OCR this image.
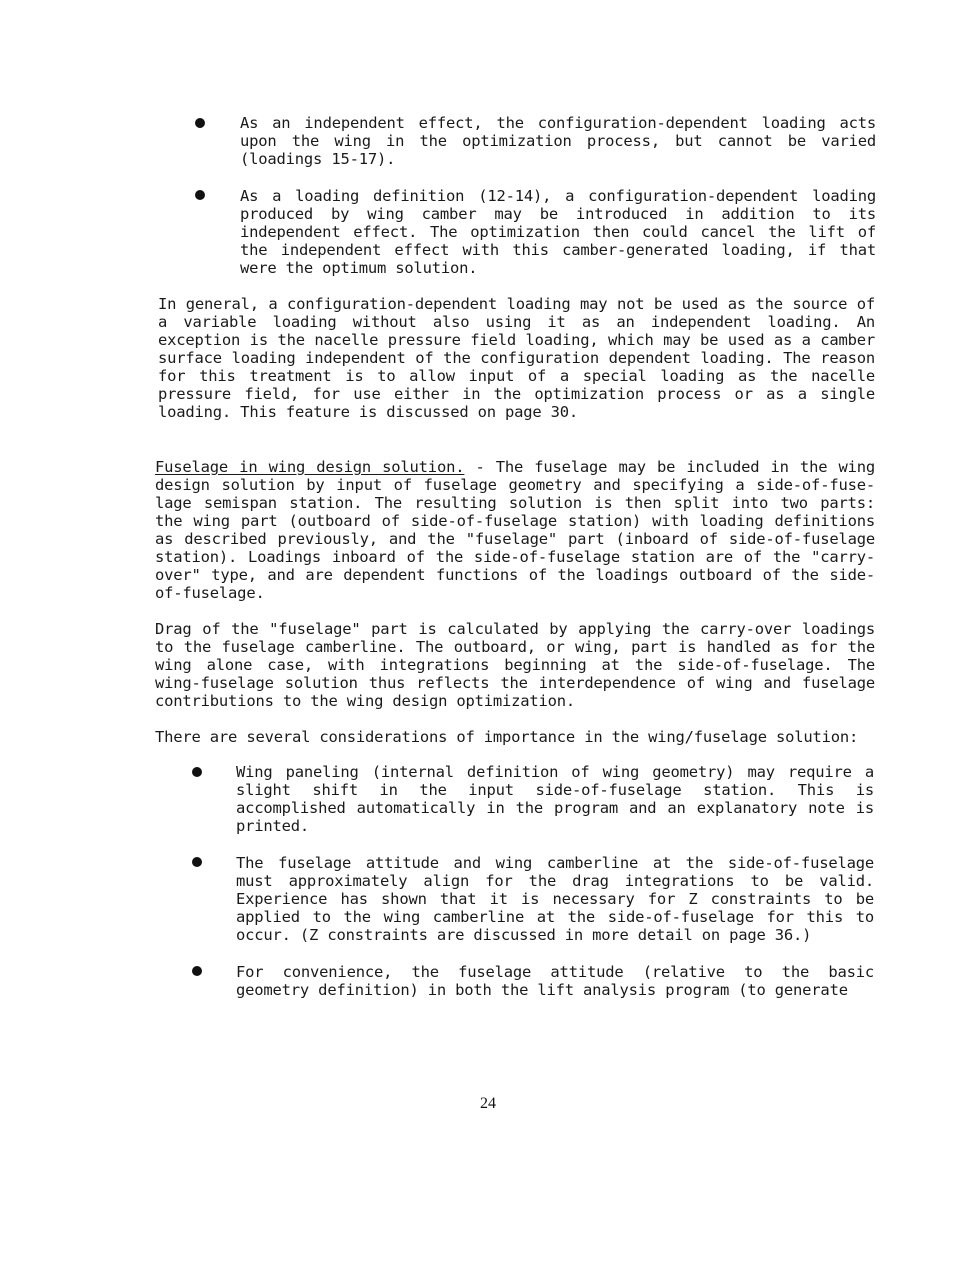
As an independent effect, the configuration-dependent loading acts upon the wing in the optimization process, but cannot be varied (loadings 15-17).
As a loading definition (12-14), a configuration-dependent loading produced by wing camber may be introduced in addition to its independent effect. The optimization then could cancel the lift of the independent effect with this camber-generated loading, if that were the optimum solution.
In general, a configuration-dependent loading may not be used as the source of a variable loading without also using it as an independent loading. An exception is the nacelle pressure field loading, which may be used as a camber surface loading independent of the configuration dependent loading. The reason for this treatment is to allow input of a special loading as the nacelle pressure field, for use either in the optimization process or as a single loading. This feature is discussed on page 30.
Fuselage in wing design solution. - The fuselage may be included in the wing design solution by input of fuselage geometry and specifying a side-of-fuse-lage semispan station. The resulting solution is then split into two parts: the wing part (outboard of side-of-fuselage station) with loading definitions as described previously, and the "fuselage" part (inboard of side-of-fuselage station). Loadings inboard of the side-of-fuselage station are of the "carry-over" type, and are dependent functions of the loadings outboard of the side-of-fuselage.
Drag of the "fuselage" part is calculated by applying the carry-over loadings to the fuselage camberline. The outboard, or wing, part is handled as for the wing alone case, with integrations beginning at the side-of-fuselage. The wing-fuselage solution thus reflects the interdependence of wing and fuselage contributions to the wing design optimization.
There are several considerations of importance in the wing/fuselage solution:
Wing paneling (internal definition of wing geometry) may require a slight shift in the input side-of-fuselage station. This is accomplished automatically in the program and an explanatory note is printed.
The fuselage attitude and wing camberline at the side-of-fuselage must approximately align for the drag integrations to be valid. Experience has shown that it is necessary for Z constraints to be applied to the wing camberline at the side-of-fuselage for this to occur. (Z constraints are discussed in more detail on page 36.)
For convenience, the fuselage attitude (relative to the basic geometry definition) in both the lift analysis program (to generate
24
